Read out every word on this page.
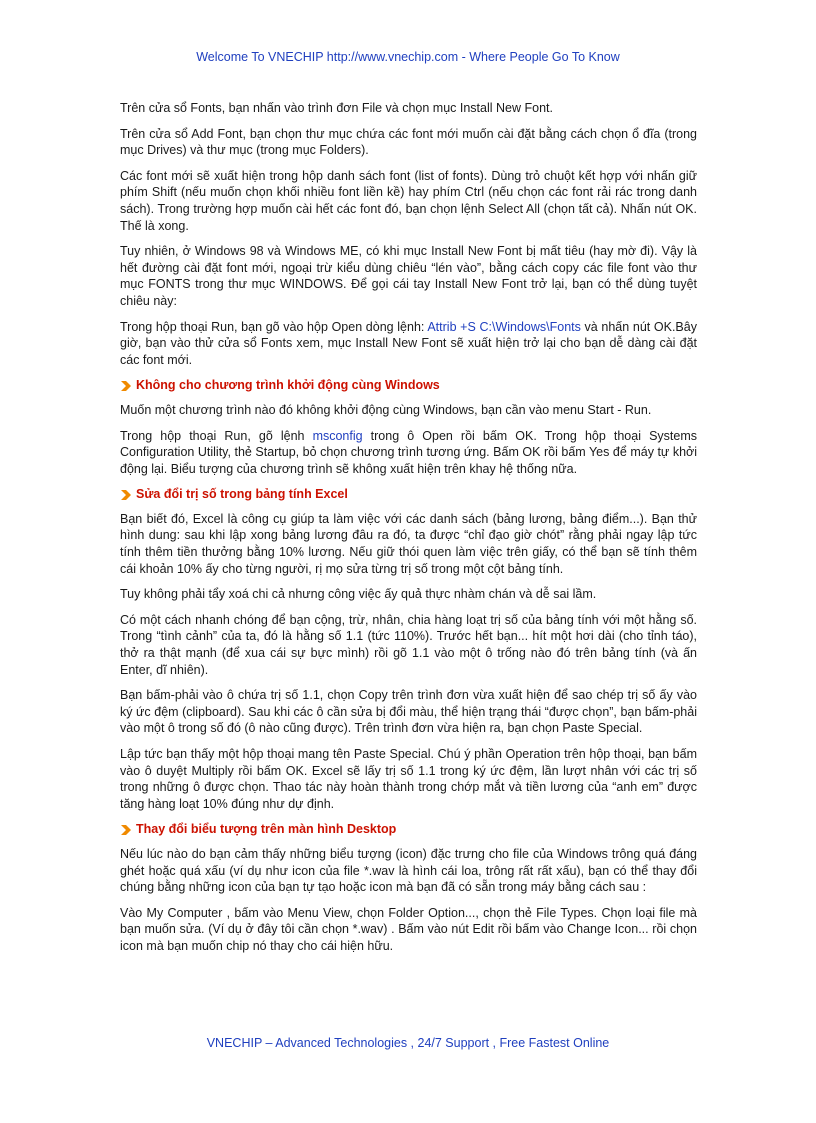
Welcome To VNECHIP http://www.vnechip.com - Where People Go To Know

Trên cửa sổ Fonts, bạn nhấn vào trình đơn File và chọn mục Install New Font.

Trên cửa sổ Add Font, bạn chọn thư mục chứa các font mới muốn cài đặt bằng cách chọn ổ đĩa (trong mục Drives) và thư mục (trong mục Folders).

Các font mới sẽ xuất hiện trong hộp danh sách font (list of fonts). Dùng trỏ chuột kết hợp với nhấn giữ phím Shift (nếu muốn chọn khối nhiều font liền kề) hay phím Ctrl (nếu chọn các font rải rác trong danh sách). Trong trường hợp muốn cài hết các font đó, bạn chọn lệnh Select All (chọn tất cả). Nhấn nút OK. Thế là xong.

Tuy nhiên, ở Windows 98 và Windows ME, có khi mục Install New Font bị mất tiêu (hay mờ đi). Vậy là hết đường cài đặt font mới, ngoại trừ kiểu dùng chiêu “lén vào”, bằng cách copy các file font vào thư mục FONTS trong thư mục WINDOWS. Để gọi cái tay Install New Font trở lại, bạn có thể dùng tuyệt chiêu này:

Trong hộp thoại Run, bạn gõ vào hộp Open dòng lệnh: Attrib +S C:\Windows\Fonts và nhấn nút OK.Bây giờ, bạn vào thử cửa sổ Fonts xem, mục Install New Font sẽ xuất hiện trở lại cho bạn dễ dàng cài đặt các font mới.

Không cho chương trình khởi động cùng Windows

Muốn một chương trình nào đó không khởi động cùng Windows, bạn cần vào menu Start - Run.

Trong hộp thoại Run, gõ lệnh msconfig trong ô Open rồi bấm OK. Trong hộp thoại Systems Configuration Utility, thẻ Startup, bỏ chọn chương trình tương ứng. Bấm OK rồi bấm Yes để máy tự khởi động lại. Biểu tượng của chương trình sẽ không xuất hiện trên khay hệ thống nữa.

Sửa đổi trị số trong bảng tính Excel

Bạn biết đó, Excel là công cụ giúp ta làm việc với các danh sách (bảng lương, bảng điểm...). Bạn thử hình dung: sau khi lập xong bảng lương đâu ra đó, ta được “chỉ đạo giờ chót” rằng phải ngay lập tức tính thêm tiền thưởng bằng 10% lương. Nếu giữ thói quen làm việc trên giấy, có thể bạn sẽ tính thêm cái khoản 10% ấy cho từng người, rị mọ sửa từng trị số trong một cột bảng tính.

Tuy không phải tẩy xoá chi cả nhưng công việc ấy quả thực nhàm chán và dễ sai lầm.

Có một cách nhanh chóng để bạn cộng, trừ, nhân, chia hàng loạt trị số của bảng tính với một hằng số. Trong “tình cảnh” của ta, đó là hằng số 1.1 (tức 110%). Trước hết bạn... hít một hơi dài (cho tỉnh táo), thở ra thật mạnh (để xua cái sự bực mình) rồi gõ 1.1 vào một ô trống nào đó trên bảng tính (và ấn Enter, dĩ nhiên).

Bạn bấm-phải vào ô chứa trị số 1.1, chọn Copy trên trình đơn vừa xuất hiện để sao chép trị số ấy vào ký ức đệm (clipboard). Sau khi các ô cần sửa bị đổi màu, thể hiện trạng thái “được chọn”, bạn bấm-phải vào một ô trong số đó (ô nào cũng được). Trên trình đơn vừa hiện ra, bạn chọn Paste Special.

Lập tức bạn thấy một hộp thoại mang tên Paste Special. Chú ý phần Operation trên hộp thoại, bạn bấm vào ô duyệt Multiply rồi bấm OK. Excel sẽ lấy trị số 1.1 trong ký ức đệm, lần lượt nhân với các trị số trong những ô được chọn. Thao tác này hoàn thành trong chớp mắt và tiền lương của “anh em” được tăng hàng loạt 10% đúng như dự định.

Thay đổi biểu tượng trên màn hình Desktop

Nếu lúc nào do bạn cảm thấy những biểu tượng (icon) đặc trưng cho file của Windows trông quá đáng ghét hoặc quá xấu (ví dụ như icon của file *.wav là hình cái loa, trông rất rất xấu), bạn có thể thay đổi chúng bằng những icon của bạn tự tạo hoặc icon mà bạn đã có sẵn trong máy bằng cách sau :

Vào My Computer , bấm vào Menu View, chọn Folder Option..., chọn thẻ File Types. Chọn loại file mà bạn muốn sửa. (Ví dụ ở đây tôi cần chọn *.wav) . Bấm vào nút Edit rồi bấm vào Change Icon... rồi chọn icon mà bạn muốn chip nó thay cho cái hiện hữu.

VNECHIP – Advanced Technologies , 24/7 Support , Free Fastest Online
